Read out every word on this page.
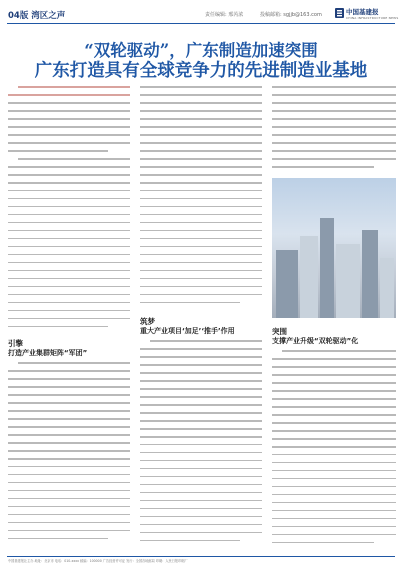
04版 湾区之声	责任编辑: 邢芮浓	投稿邮箱: sgjjb@163.com	中国基建报
CHINA INFRASTRUCTURE NEWS
“双轮驱动”，广东制造加速突围
广东打造具有全球竞争力的先进制造业基地
引擎
打造产业集群矩阵“军团”
筑梦
重大产业项目‘加足’‘推手’作用	突围
支撑产业升级“双轮驱动”化
中国基建报社主办 地址：北京市 电话：010-xxxx 邮编：100000 广告经营许可证 发行：全国各地邮局 印刷：人民日报印刷厂
